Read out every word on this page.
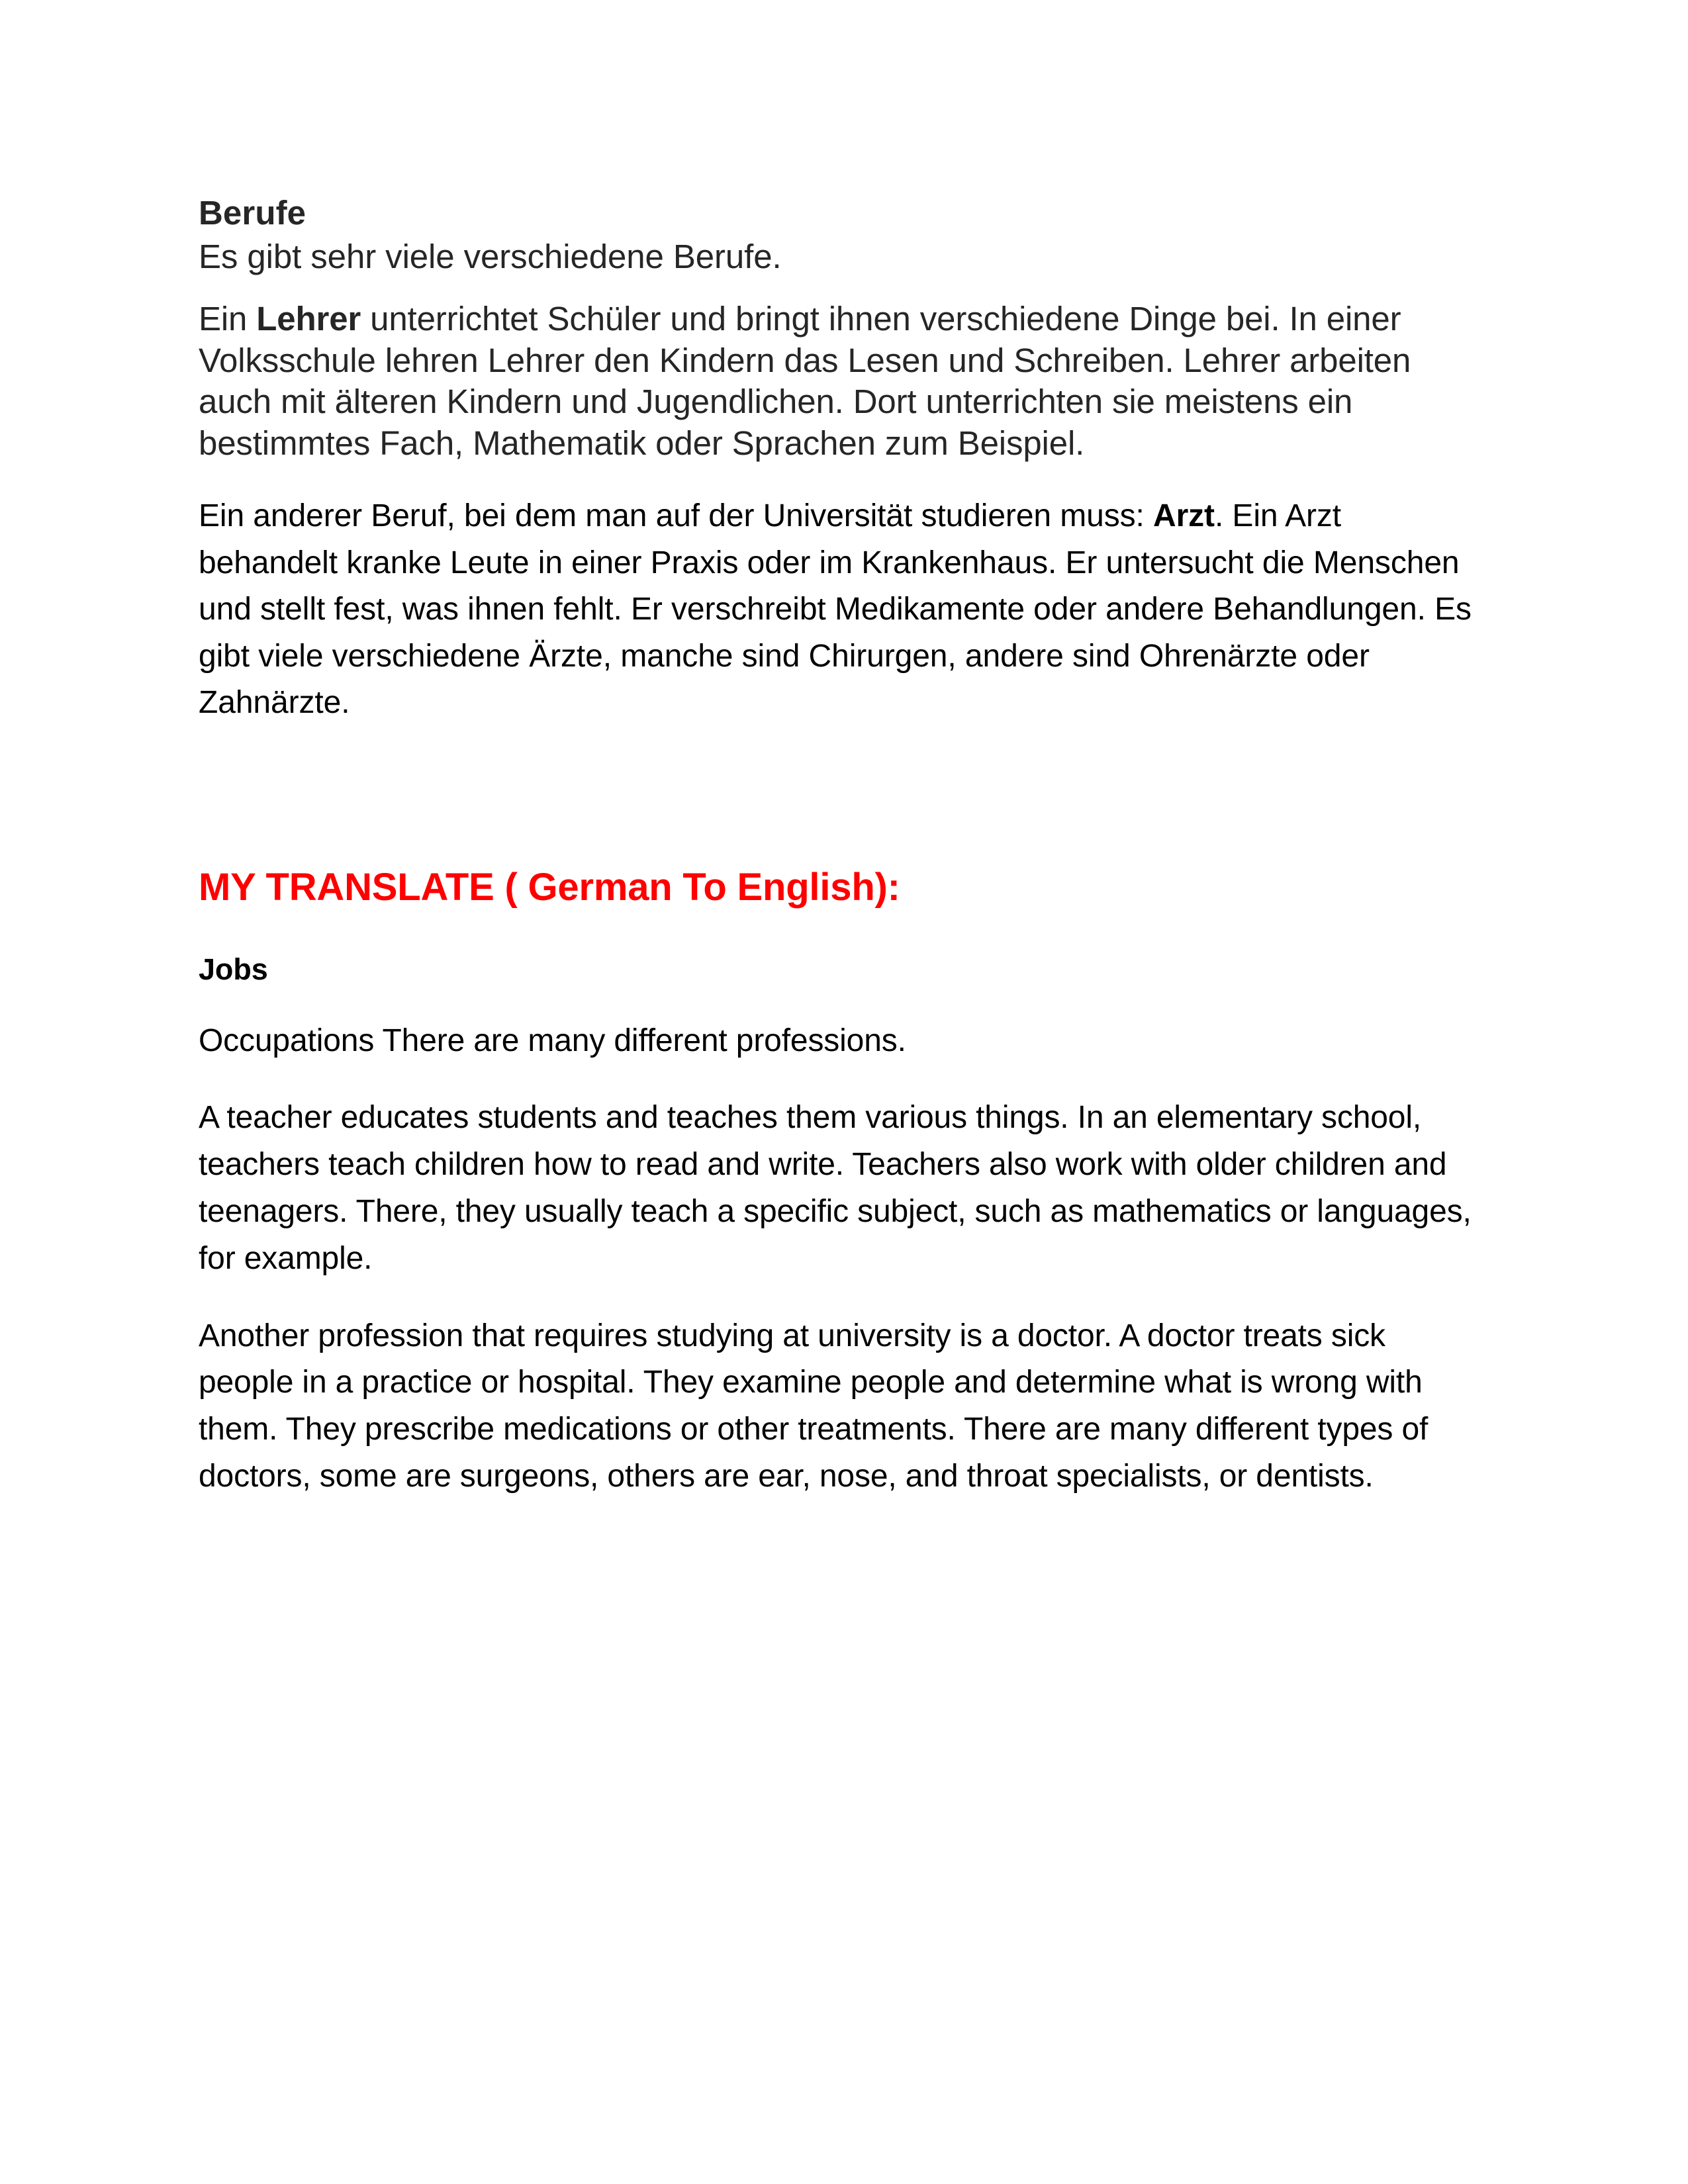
Berufe

Es gibt sehr viele verschiedene Berufe.

Ein Lehrer unterrichtet Schüler und bringt ihnen verschiedene Dinge bei. In einer Volksschule lehren Lehrer den Kindern das Lesen und Schreiben. Lehrer arbeiten auch mit älteren Kindern und Jugendlichen. Dort unterrichten sie meistens ein bestimmtes Fach, Mathematik oder Sprachen zum Beispiel.

Ein anderer Beruf, bei dem man auf der Universität studieren muss: Arzt. Ein Arzt behandelt kranke Leute in einer Praxis oder im Krankenhaus. Er untersucht die Menschen und stellt fest, was ihnen fehlt. Er verschreibt Medikamente oder andere Behandlungen. Es gibt viele verschiedene Ärzte, manche sind Chirurgen, andere sind Ohrenärzte oder Zahnärzte.

MY TRANSLATE ( German To English):
Jobs

Occupations There are many different professions.

A teacher educates students and teaches them various things. In an elementary school, teachers teach children how to read and write. Teachers also work with older children and teenagers. There, they usually teach a specific subject, such as mathematics or languages, for example.

Another profession that requires studying at university is a doctor. A doctor treats sick people in a practice or hospital. They examine people and determine what is wrong with them. They prescribe medications or other treatments. There are many different types of doctors, some are surgeons, others are ear, nose, and throat specialists, or dentists.
